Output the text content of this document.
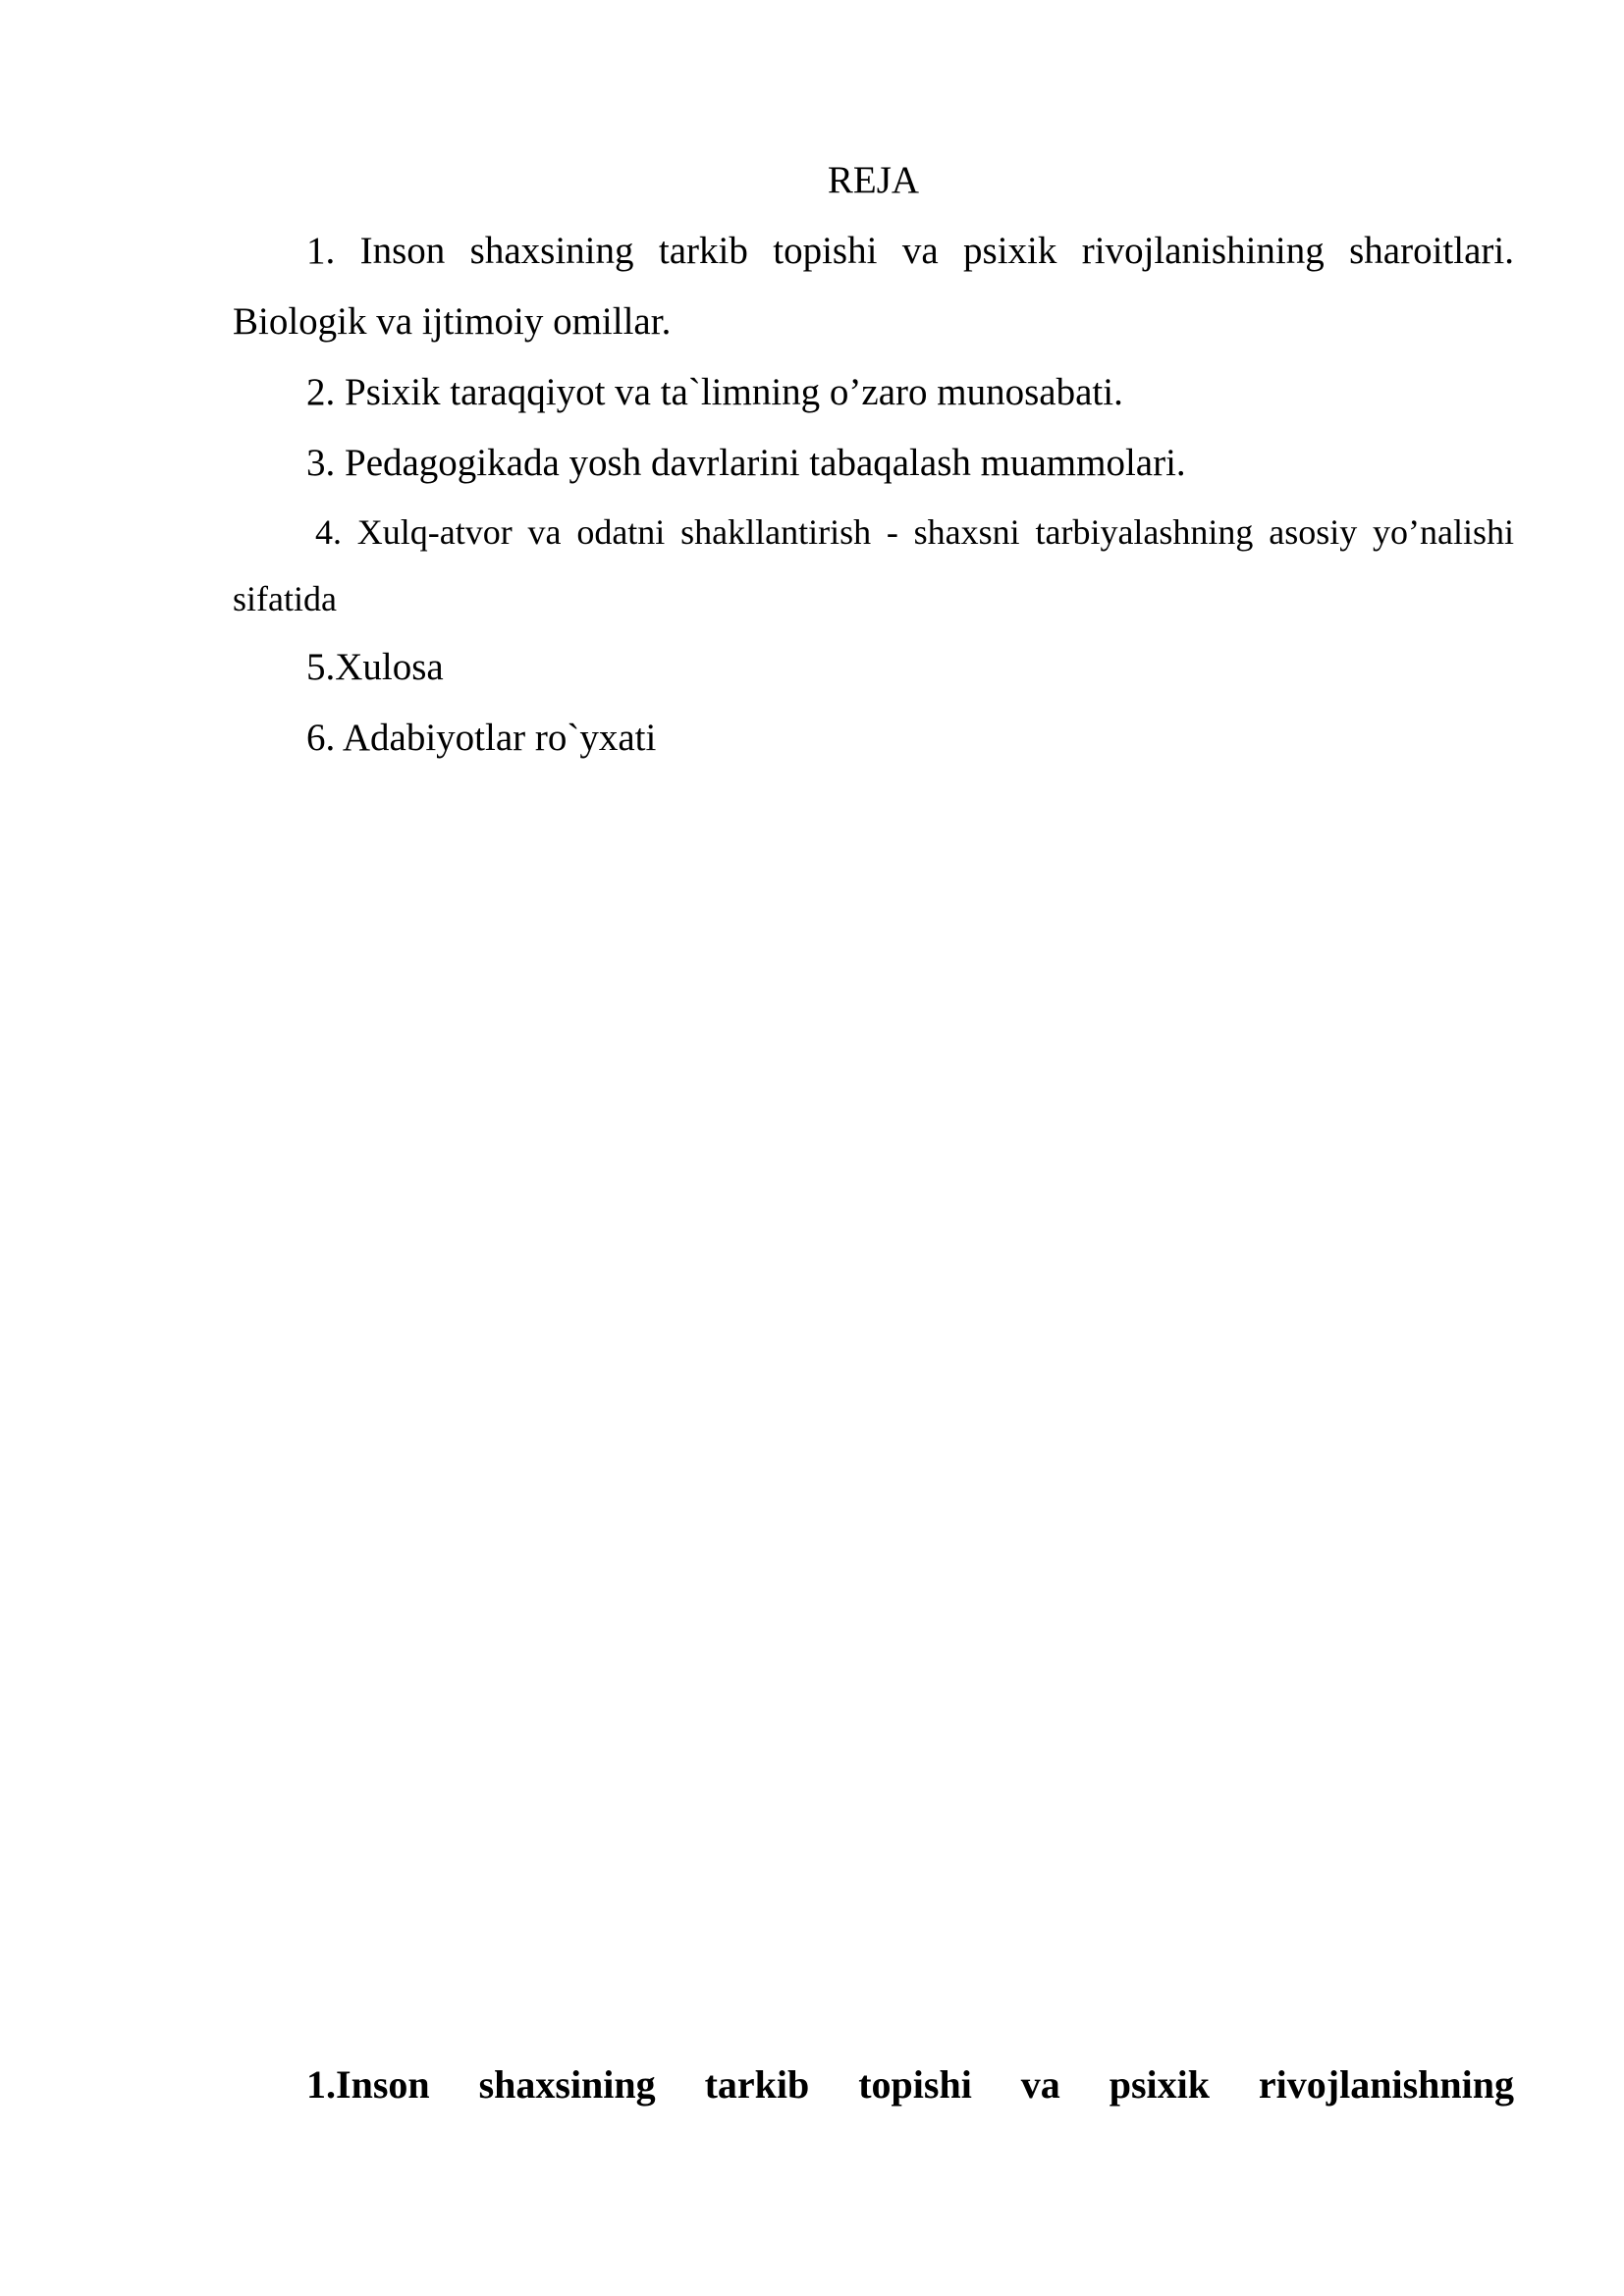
REJA

1. Inson shaxsining tarkib topishi va psixik rivojlanishining sharoitlari. Biologik va ijtimoiy omillar.

2. Psixik taraqqiyot va ta`limning o’zaro munosabati.

3. Pedagogikada yosh davrlarini tabaqalash muammolari.

4. Xulq-atvor va odatni shakllantirish - shaxsni tarbiyalashning asosiy yo’nalishi sifatida

5.Xulosa

6. Adabiyotlar ro`yxati

1.Inson shaxsining tarkib topishi va psixik rivojlanishning
